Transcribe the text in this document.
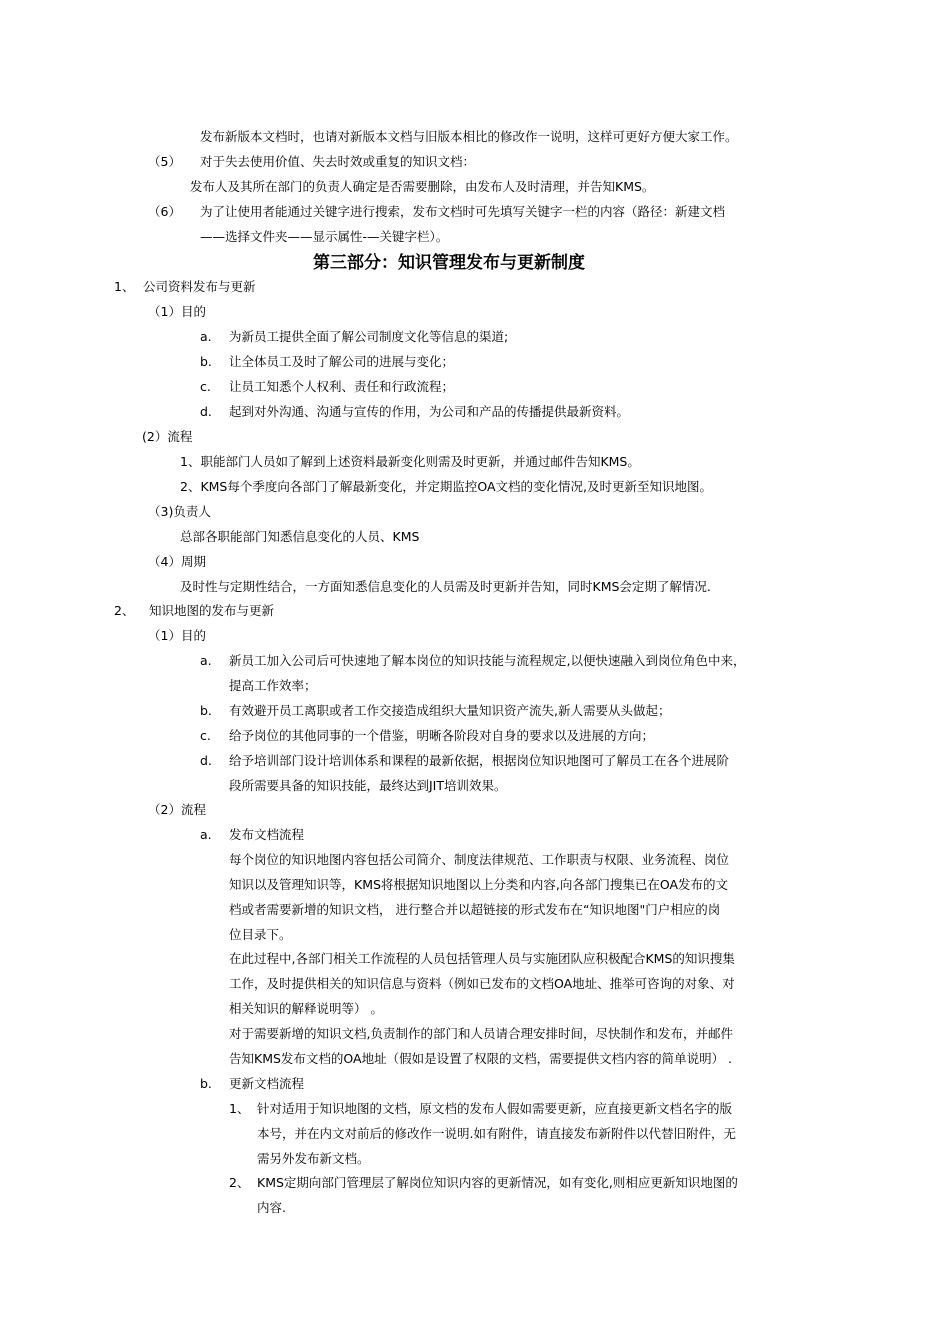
发布新版本文档时，也请对新版本文档与旧版本相比的修改作一说明，这样可更好方便大家工作。
（5） 对于失去使用价值、失去时效或重复的知识文档：
发布人及其所在部门的负责人确定是否需要删除，由发布人及时清理，并告知KMS。
（6） 为了让使用者能通过关键字进行搜索，发布文档时可先填写关键字一栏的内容（路径：新建文档
——选择文件夹——显示属性-—关键字栏）。
第三部分：知识管理发布与更新制度
1、 公司资料发布与更新
（1）目的
a. 为新员工提供全面了解公司制度文化等信息的渠道;
b. 让全体员工及时了解公司的进展与变化；
c. 让员工知悉个人权利、责任和行政流程；
d. 起到对外沟通、沟通与宣传的作用，为公司和产品的传播提供最新资料。
(2）流程
1、职能部门人员如了解到上述资料最新变化则需及时更新，并通过邮件告知KMS。
2、KMS每个季度向各部门了解最新变化，并定期监控OA文档的变化情况,及时更新至知识地图。
（3)负责人
总部各职能部门知悉信息变化的人员、KMS
（4）周期
及时性与定期性结合，一方面知悉信息变化的人员需及时更新并告知，同时KMS会定期了解情况.
2、 知识地图的发布与更新
（1）目的
a. 新员工加入公司后可快速地了解本岗位的知识技能与流程规定,以便快速融入到岗位角色中来，
提高工作效率；
b. 有效避开员工离职或者工作交接造成组织大量知识资产流失,新人需要从头做起；
c. 给予岗位的其他同事的一个借鉴，明晰各阶段对自身的要求以及进展的方向；
d. 给予培训部门设计培训体系和课程的最新依据，根据岗位知识地图可了解员工在各个进展阶
段所需要具备的知识技能，最终达到JIT培训效果。
（2）流程
a. 发布文档流程
每个岗位的知识地图内容包括公司简介、制度法律规范、工作职责与权限、业务流程、岗位
知识以及管理知识等，KMS将根据知识地图以上分类和内容,向各部门搜集已在OA发布的文
档或者需要新增的知识文档， 进行整合并以超链接的形式发布在“知识地图"门户相应的岗
位目录下。
在此过程中,各部门相关工作流程的人员包括管理人员与实施团队应积极配合KMS的知识搜集
工作，及时提供相关的知识信息与资料（例如已发布的文档OA地址、推举可咨询的对象、对
相关知识的解释说明等） 。
对于需要新增的知识文档,负责制作的部门和人员请合理安排时间，尽快制作和发布，并邮件
告知KMS发布文档的OA地址（假如是设置了权限的文档，需要提供文档内容的简单说明） .
b. 更新文档流程
1、 针对适用于知识地图的文档，原文档的发布人假如需要更新，应直接更新文档名字的版
本号，并在内文对前后的修改作一说明.如有附件，请直接发布新附件以代替旧附件，无
需另外发布新文档。
2、 KMS定期向部门管理层了解岗位知识内容的更新情况，如有变化,则相应更新知识地图的
内容.
